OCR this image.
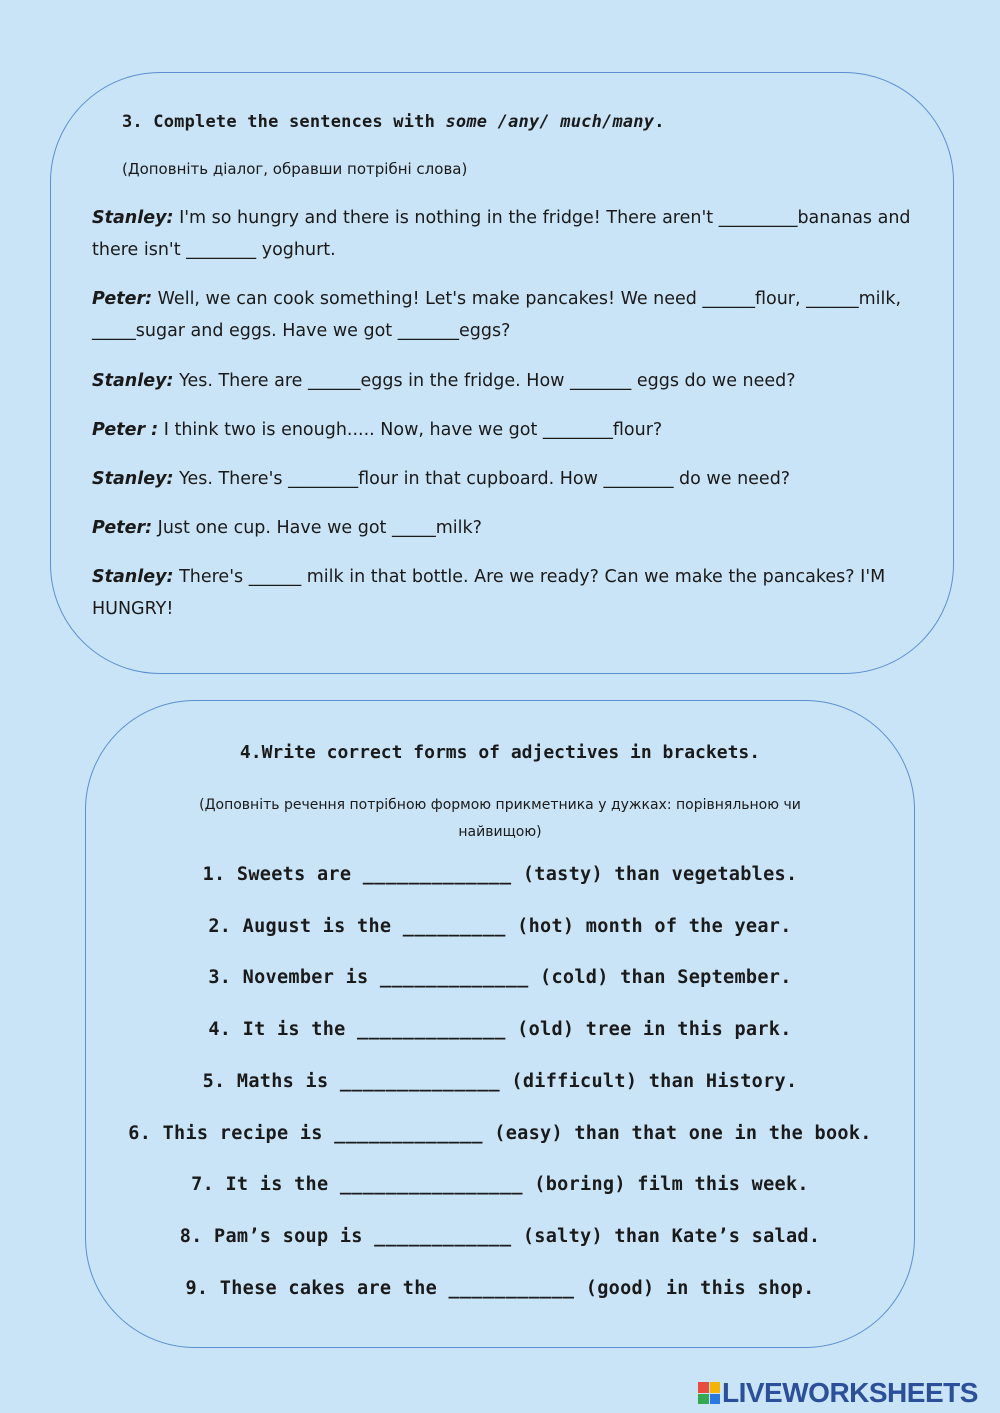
3. Complete the sentences with some /any/ much/many.
(Доповніть діалог, обравши потрібні слова)
Stanley: I'm so hungry and there is nothing in the fridge! There aren't _________bananas and there isn't ________ yoghurt.
Peter: Well, we can cook something! Let's make pancakes! We need ______flour, ______milk, _____sugar and eggs. Have we got _______eggs?
Stanley: Yes. There are ______eggs in the fridge. How _______ eggs do we need?
Peter : I think two is enough..... Now, have we got ________flour?
Stanley: Yes. There's ________flour in that cupboard. How ________ do we need?
Peter: Just one cup. Have we got _____milk?
Stanley: There's ______ milk in that bottle. Are we ready? Can we make the pancakes? I'M HUNGRY!
4.Write correct forms of adjectives in brackets.
(Доповніть речення потрібною формою прикметника у дужках: порівняльною чи найвищою)
1. Sweets are _____________ (tasty) than vegetables.
2. August is the _________ (hot) month of the year.
3. November is _____________ (cold) than September.
4. It is the _____________ (old) tree in this park.
5. Maths is ______________ (difficult) than History.
6. This recipe is _____________ (easy) than that one in the book.
7. It is the ________________ (boring) film this week.
8. Pam’s soup is ____________ (salty) than Kate’s salad.
9. These cakes are the ___________ (good) in this shop.
LIVEWORKSHEETS
